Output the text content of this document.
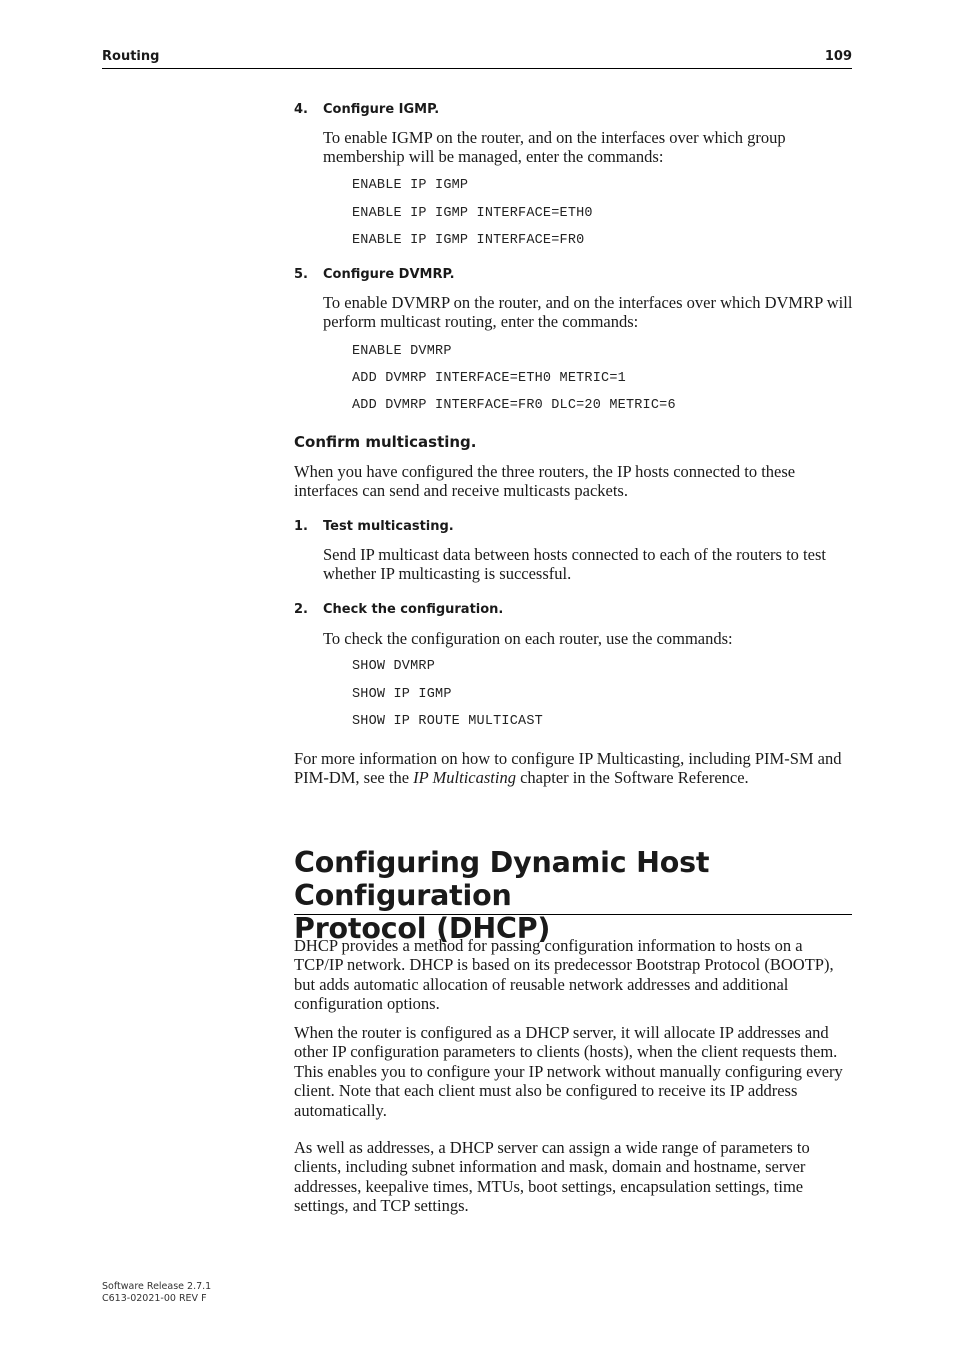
Routing	109
4. Configure IGMP.
To enable IGMP on the router, and on the interfaces over which group membership will be managed, enter the commands:
ENABLE IP IGMP
ENABLE IP IGMP INTERFACE=ETH0
ENABLE IP IGMP INTERFACE=FR0
5. Configure DVMRP.
To enable DVMRP on the router, and on the interfaces over which DVMRP will perform multicast routing, enter the commands:
ENABLE DVMRP
ADD DVMRP INTERFACE=ETH0 METRIC=1
ADD DVMRP INTERFACE=FR0 DLC=20 METRIC=6
Confirm multicasting.
When you have configured the three routers, the IP hosts connected to these interfaces can send and receive multicasts packets.
1. Test multicasting.
Send IP multicast data between hosts connected to each of the routers to test whether IP multicasting is successful.
2. Check the configuration.
To check the configuration on each router, use the commands:
SHOW DVMRP
SHOW IP IGMP
SHOW IP ROUTE MULTICAST
For more information on how to configure IP Multicasting, including PIM-SM and PIM-DM, see the IP Multicasting chapter in the Software Reference.
Configuring Dynamic Host Configuration
Protocol (DHCP)
DHCP provides a method for passing configuration information to hosts on a TCP/IP network. DHCP is based on its predecessor Bootstrap Protocol (BOOTP), but adds automatic allocation of reusable network addresses and additional configuration options.
When the router is configured as a DHCP server, it will allocate IP addresses and other IP configuration parameters to clients (hosts), when the client requests them. This enables you to configure your IP network without manually configuring every client. Note that each client must also be configured to receive its IP address automatically.
As well as addresses, a DHCP server can assign a wide range of parameters to clients, including subnet information and mask, domain and hostname, server addresses, keepalive times, MTUs, boot settings, encapsulation settings, time settings, and TCP settings.
Software Release 2.7.1
C613-02021-00 REV F
